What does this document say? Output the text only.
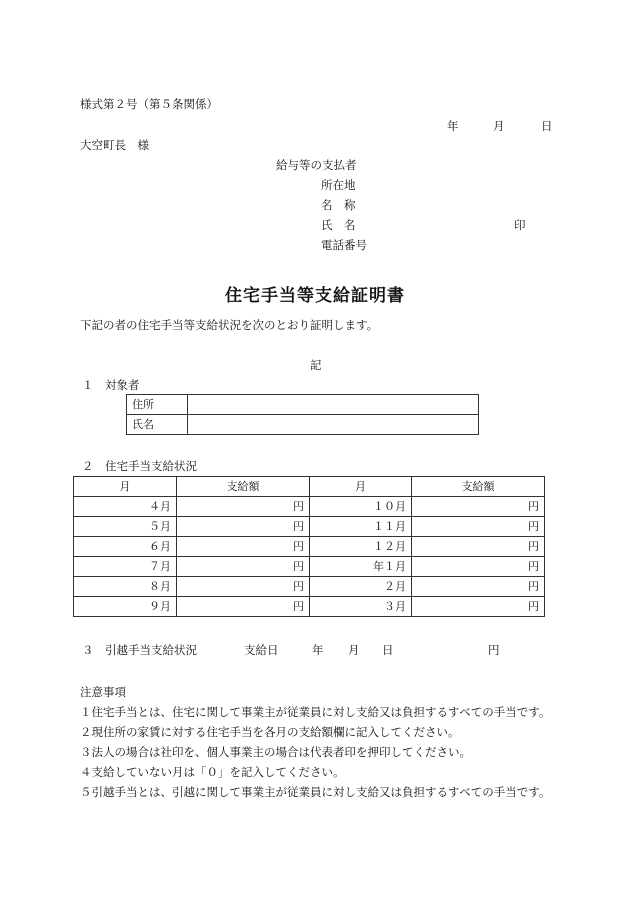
様式第２号（第５条関係）
年	月	日
大空町長　様
給与等の支払者
所在地
名　称
氏　名	印
電話番号
住宅手当等支給証明書
下記の者の住宅手当等支給状況を次のとおり証明します。
記
１　対象者
住所	
氏名	
２　住宅手当支給状況
月	支給額	月	支給額
４月	円	１０月	円
５月	円	１１月	円
６月	円	１２月	円
７月	円	年１月	円
８月	円	２月	円
９月	円	３月	円
３　引越手当支給状況	支給日	年 月 日	円
注意事項
１住宅手当とは、住宅に関して事業主が従業員に対し支給又は負担するすべての手当です。
２現住所の家賃に対する住宅手当を各月の支給額欄に記入してください。
３法人の場合は社印を、個人事業主の場合は代表者印を押印してください。
４支給していない月は「０」を記入してください。
５引越手当とは、引越に関して事業主が従業員に対し支給又は負担するすべての手当です。
